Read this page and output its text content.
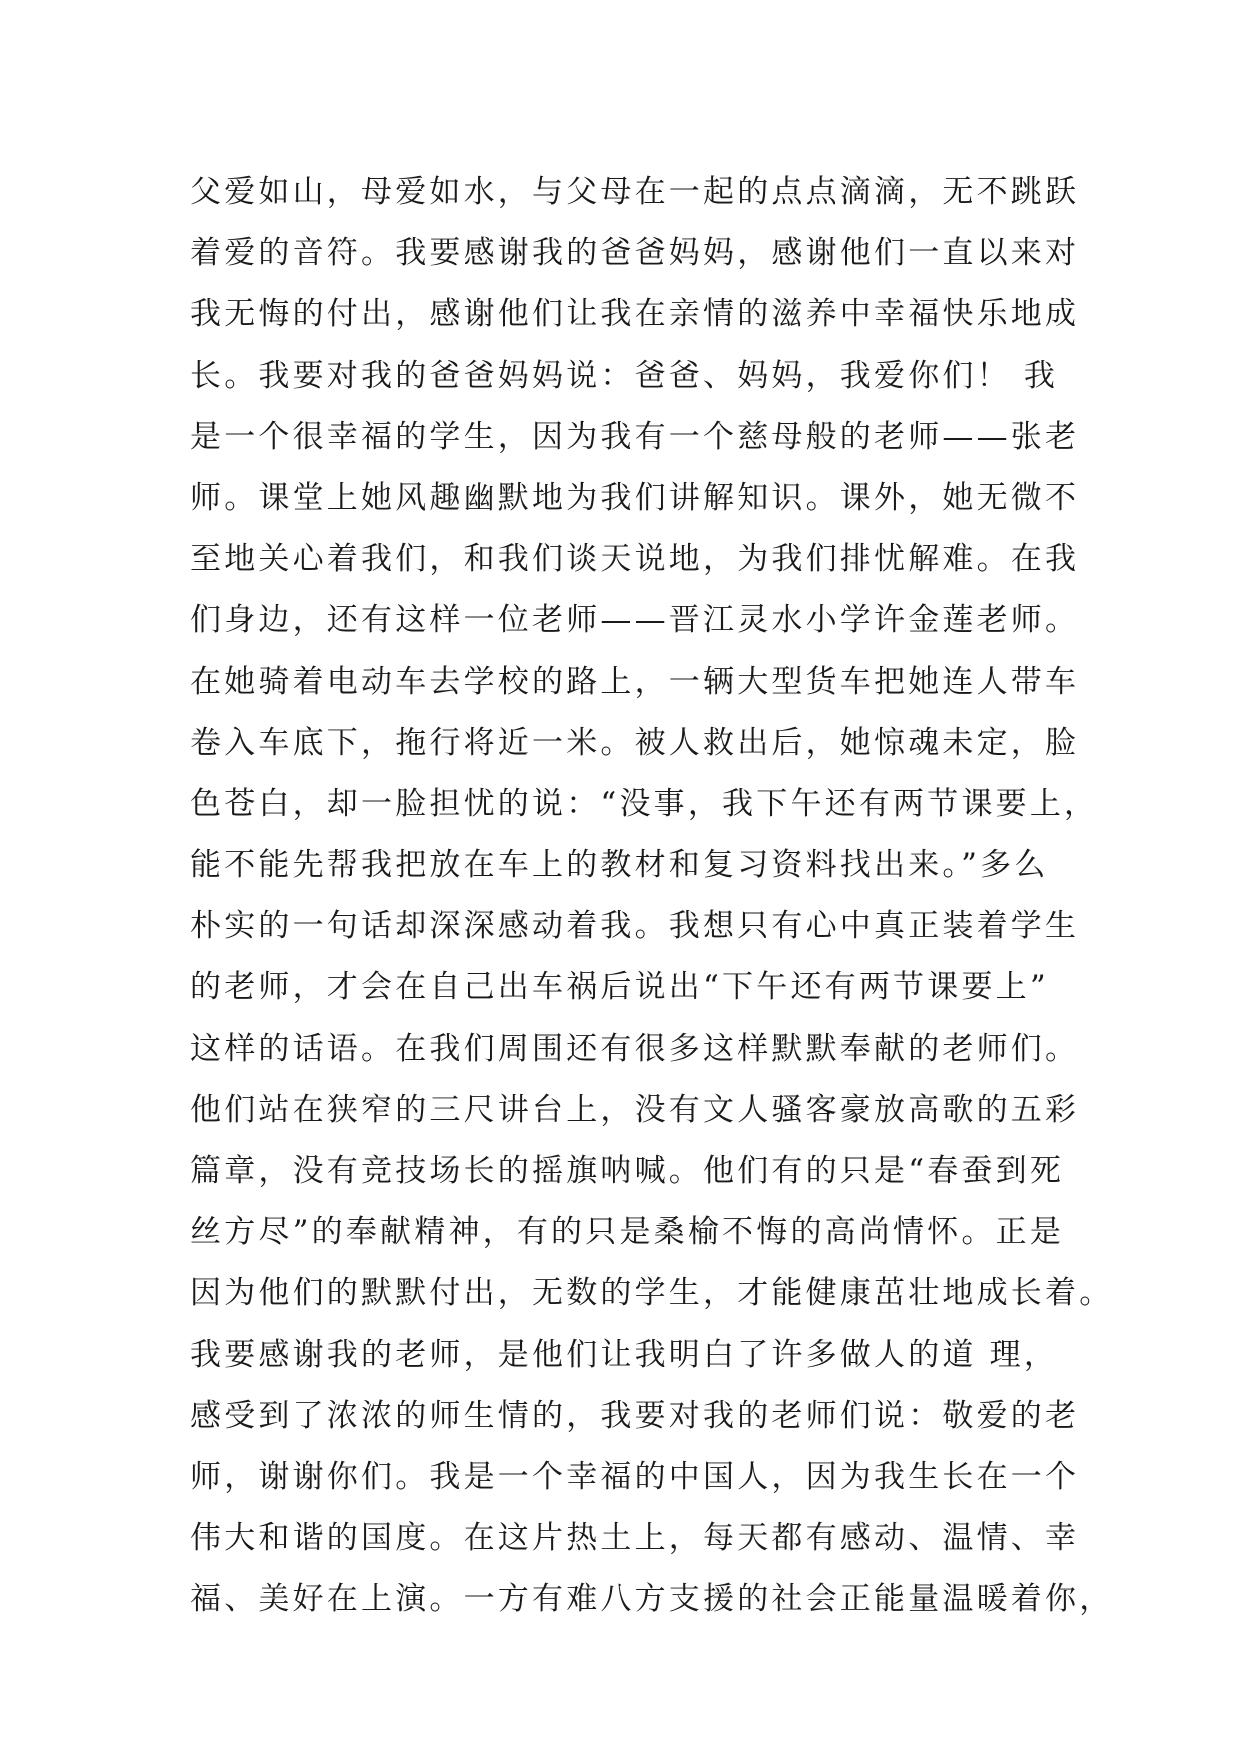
父爱如山，母爱如水，与父母在一起的点点滴滴，无不跳跃
着爱的音符。我要感谢我的爸爸妈妈，感谢他们一直以来对
我无悔的付出，感谢他们让我在亲情的滋养中幸福快乐地成
长。我要对我的爸爸妈妈说：爸爸、妈妈，我爱你们！ 我
是一个很幸福的学生，因为我有一个慈母般的老师——张老
师。课堂上她风趣幽默地为我们讲解知识。课外，她无微不
至地关心着我们，和我们谈天说地，为我们排忧解难。在我
们身边，还有这样一位老师——晋江灵水小学许金莲老师。
在她骑着电动车去学校的路上，一辆大型货车把她连人带车
卷入车底下，拖行将近一米。被人救出后，她惊魂未定，脸
色苍白，却一脸担忧的说：“没事，我下午还有两节课要上，
能不能先帮我把放在车上的教材和复习资料找出来。”多么
朴实的一句话却深深感动着我。我想只有心中真正装着学生
的老师，才会在自己出车祸后说出“下午还有两节课要上”
这样的话语。在我们周围还有很多这样默默奉献的老师们。
他们站在狭窄的三尺讲台上，没有文人骚客豪放高歌的五彩
篇章，没有竞技场长的摇旗呐喊。他们有的只是“春蚕到死
丝方尽”的奉献精神，有的只是桑榆不悔的高尚情怀。正是
因为他们的默默付出，无数的学生，才能健康茁壮地成长着。
我要感谢我的老师，是他们让我明白了许多做人的道 理，
感受到了浓浓的师生情的，我要对我的老师们说：敬爱的老
师，谢谢你们。我是一个幸福的中国人，因为我生长在一个
伟大和谐的国度。在这片热土上，每天都有感动、温情、幸
福、美好在上演。一方有难八方支援的社会正能量温暖着你，
